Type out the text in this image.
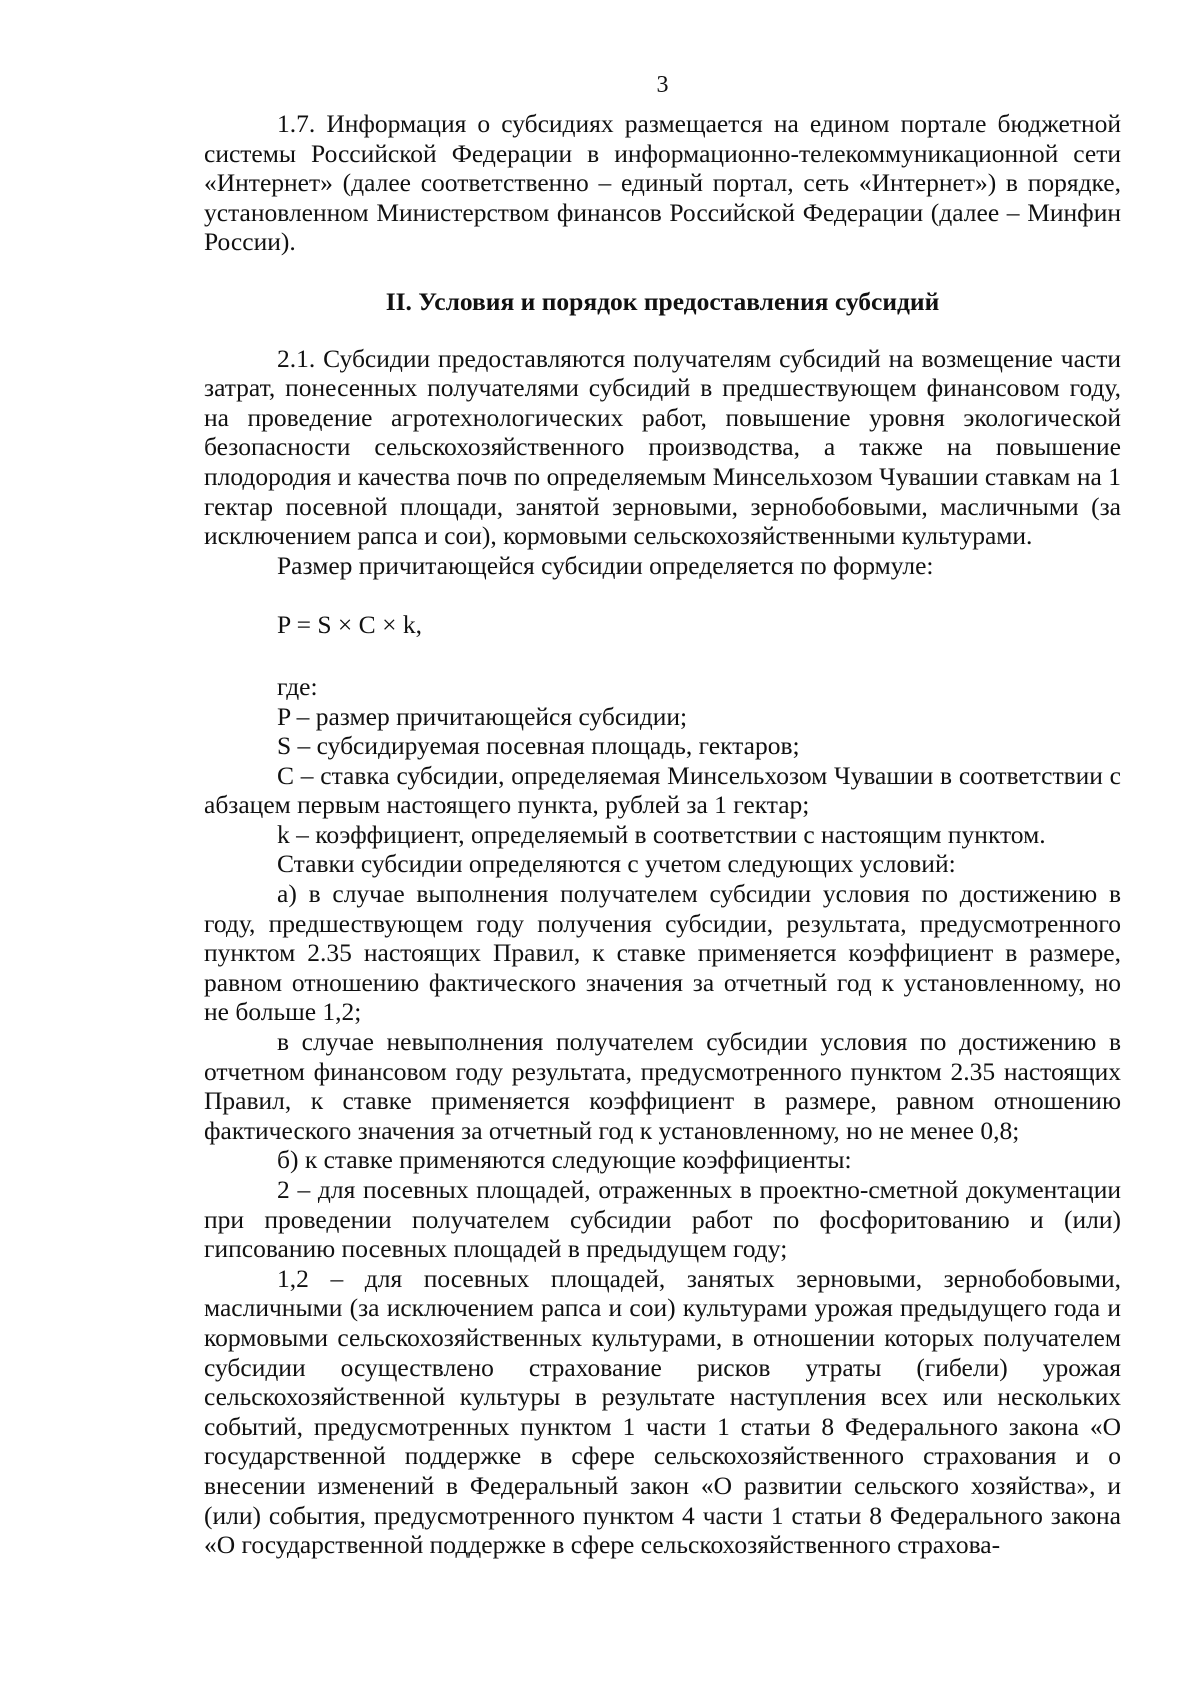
3

1.7. Информация о субсидиях размещается на едином портале бюджетной системы Российской Федерации в информационно-телекоммуникационной сети «Интернет» (далее соответственно – единый портал, сеть «Интернет») в порядке, установленном Министерством финансов Российской Федерации (далее – Минфин России).

II. Условия и порядок предоставления субсидий

2.1. Субсидии предоставляются получателям субсидий на возмещение части затрат, понесенных получателями субсидий в предшествующем финансовом году, на проведение агротехнологических работ, повышение уровня экологической безопасности сельскохозяйственного производства, а также на повышение плодородия и качества почв по определяемым Минсельхозом Чувашии ставкам на 1 гектар посевной площади, занятой зерновыми, зернобобовыми, масличными (за исключением рапса и сои), кормовыми сельскохозяйственными культурами.

Размер причитающейся субсидии определяется по формуле:

P = S × C × k,

где:

P – размер причитающейся субсидии;

S – субсидируемая посевная площадь, гектаров;

C – ставка субсидии, определяемая Минсельхозом Чувашии в соответствии с абзацем первым настоящего пункта, рублей за 1 гектар;

k – коэффициент, определяемый в соответствии с настоящим пунктом.

Ставки субсидии определяются с учетом следующих условий:

а) в случае выполнения получателем субсидии условия по достижению в году, предшествующем году получения субсидии, результата, предусмотренного пунктом 2.35 настоящих Правил, к ставке применяется коэффициент в размере, равном отношению фактического значения за отчетный год к установленному, но не больше 1,2;

в случае невыполнения получателем субсидии условия по достижению в отчетном финансовом году результата, предусмотренного пунктом 2.35 настоящих Правил, к ставке применяется коэффициент в размере, равном отношению фактического значения за отчетный год к установленному, но не менее 0,8;

б) к ставке применяются следующие коэффициенты:

2 – для посевных площадей, отраженных в проектно-сметной документации при проведении получателем субсидии работ по фосфоритованию и (или) гипсованию посевных площадей в предыдущем году;

1,2 – для посевных площадей, занятых зерновыми, зернобобовыми, масличными (за исключением рапса и сои) культурами урожая предыдущего года и кормовыми сельскохозяйственных культурами, в отношении которых получателем субсидии осуществлено страхование рисков утраты (гибели) урожая сельскохозяйственной культуры в результате наступления всех или нескольких событий, предусмотренных пунктом 1 части 1 статьи 8 Федерального закона «О государственной поддержке в сфере сельскохозяйственного страхования и о внесении изменений в Федеральный закон «О развитии сельского хозяйства», и (или) события, предусмотренного пунктом 4 части 1 статьи 8 Федерального закона «О государственной поддержке в сфере сельскохозяйственного страхова-
